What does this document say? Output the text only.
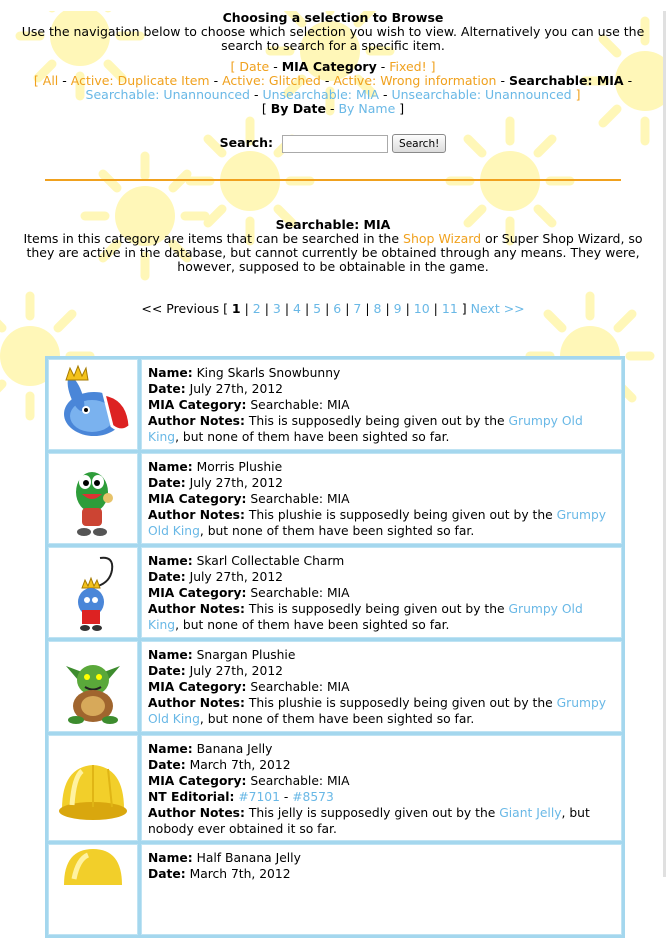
Choosing a selection to Browse
Use the navigation below to choose which selection you wish to view. Alternatively you can use the search to search for a specific item.
[ Date - MIA Category - Fixed! ]
[ All - Active: Duplicate Item - Active: Glitched - Active: Wrong information - Searchable: MIA -
Searchable: Unannounced - Unsearchable: MIA - Unsearchable: Unannounced ]
[ By Date - By Name ]
Search:	Search!
Searchable: MIA
Items in this category are items that can be searched in the Shop Wizard or Super Shop Wizard, so they are active in the database, but cannot currently be obtained through any means. They were, however, supposed to be obtainable in the game.
<< Previous [ 1 | 2 | 3 | 4 | 5 | 6 | 7 | 8 | 9 | 10 | 11 ] Next >>
Name: King Skarls Snowbunny
Date: July 27th, 2012
MIA Category: Searchable: MIA
Author Notes: This is supposedly being given out by the Grumpy Old King, but none of them have been sighted so far.
Name: Morris Plushie
Date: July 27th, 2012
MIA Category: Searchable: MIA
Author Notes: This plushie is supposedly being given out by the Grumpy Old King, but none of them have been sighted so far.
Name: Skarl Collectable Charm
Date: July 27th, 2012
MIA Category: Searchable: MIA
Author Notes: This is supposedly being given out by the Grumpy Old King, but none of them have been sighted so far.
Name: Snargan Plushie
Date: July 27th, 2012
MIA Category: Searchable: MIA
Author Notes: This plushie is supposedly being given out by the Grumpy Old King, but none of them have been sighted so far.
Name: Banana Jelly
Date: March 7th, 2012
MIA Category: Searchable: MIA
NT Editorial: #7101 - #8573
Author Notes: This jelly is supposedly given out by the Giant Jelly, but nobody ever obtained it so far.
Name: Half Banana Jelly
Date: March 7th, 2012
